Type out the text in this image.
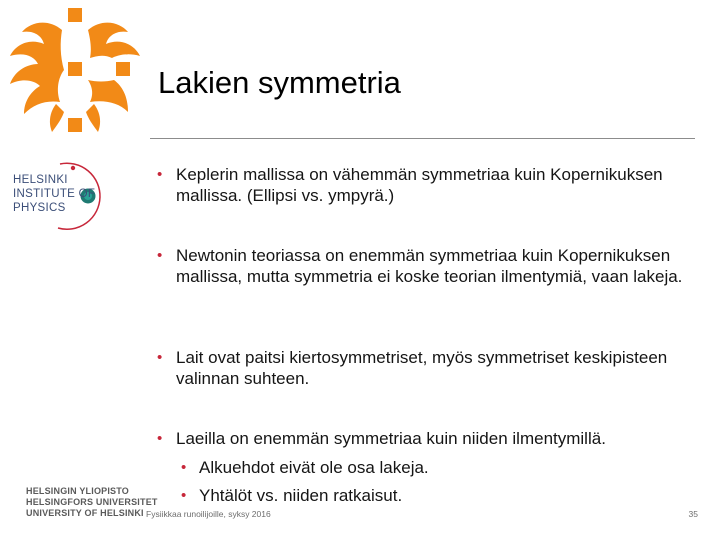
Lakien symmetria
HELSINKI
INSTITUTE OF
PHYSICS
• Keplerin mallissa on vähemmän symmetriaa kuin Kopernikuksen mallissa. (Ellipsi vs. ympyrä.)
• Newtonin teoriassa on enemmän symmetriaa kuin Kopernikuksen mallissa, mutta symmetria ei koske teorian ilmentymiä, vaan lakeja.
• Lait ovat paitsi kiertosymmetriset, myös symmetriset keskipisteen valinnan suhteen.
• Laeilla on enemmän symmetriaa kuin niiden ilmentymillä.
• Alkuehdot eivät ole osa lakeja.
• Yhtälöt vs. niiden ratkaisut.
HELSINGIN YLIOPISTO
HELSINGFORS UNIVERSITET
UNIVERSITY OF HELSINKI Fysiikkaa runoilijoille, syksy 2016	35
